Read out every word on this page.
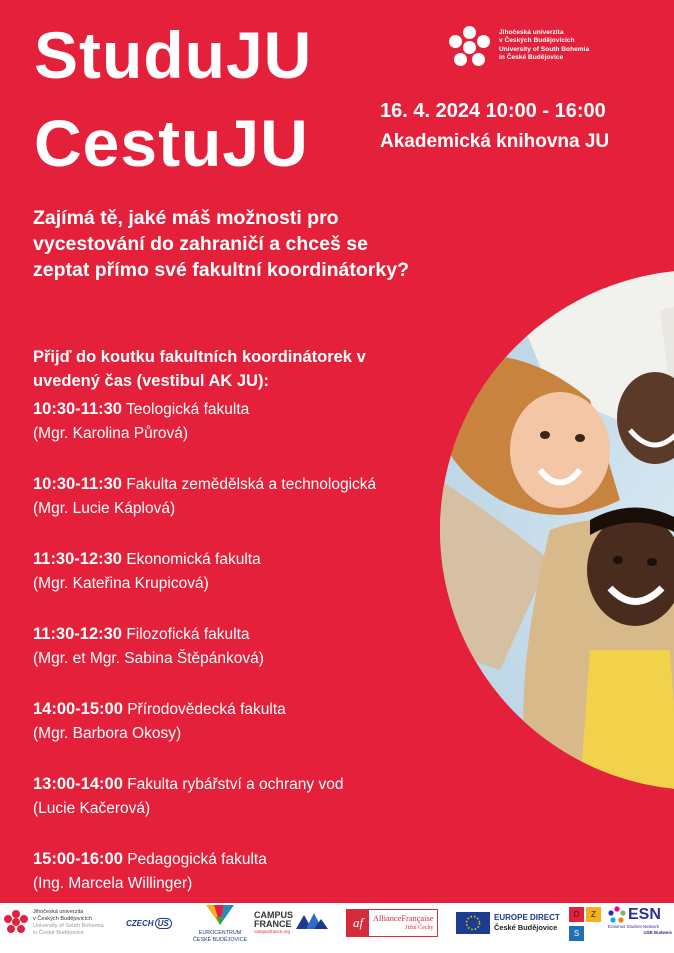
StuduJU
CestuJU
Jihočeská univerzita
v Českých Budějovicích
University of South Bohemia
in České Budějovice
16. 4. 2024 10:00 - 16:00
Akademická knihovna JU
Zajímá tě, jaké máš možnosti pro vycestování do zahraničí a chceš se zeptat přímo své fakultní koordinátorky?
Přijď do koutku fakultních koordinátorek v uvedený čas (vestibul AK JU):
10:30-11:30 Teologická fakulta
(Mgr. Karolina Půrová)
10:30-11:30 Fakulta zemědělská a technologická
(Mgr. Lucie Káplová)
11:30-12:30 Ekonomická fakulta
(Mgr. Kateřina Krupicová)
11:30-12:30 Filozofická fakulta
(Mgr. et Mgr. Sabina Štěpánková)
14:00-15:00 Přírodovědecká fakulta
(Mgr. Barbora Okosy)
13:00-14:00 Fakulta rybářství a ochrany vod
(Lucie Kačerová)
15:00-16:00 Pedagogická fakulta
(Ing. Marcela Willinger)
Jihočeská univerzita
v Českých Budějovicích
University of South Bohemia
in České Budějovice
CZECH US
EUROCENTRUM
ČESKÉ BUDĚJOVICE
CAMPUS
FRANCE
campusfrance.org
af	AllianceFrançaise
Jižní Čechy
EUROPE DIRECT
České Budějovice
D	Z
S
ESN
Erasmus Student Network
USB Budweis
